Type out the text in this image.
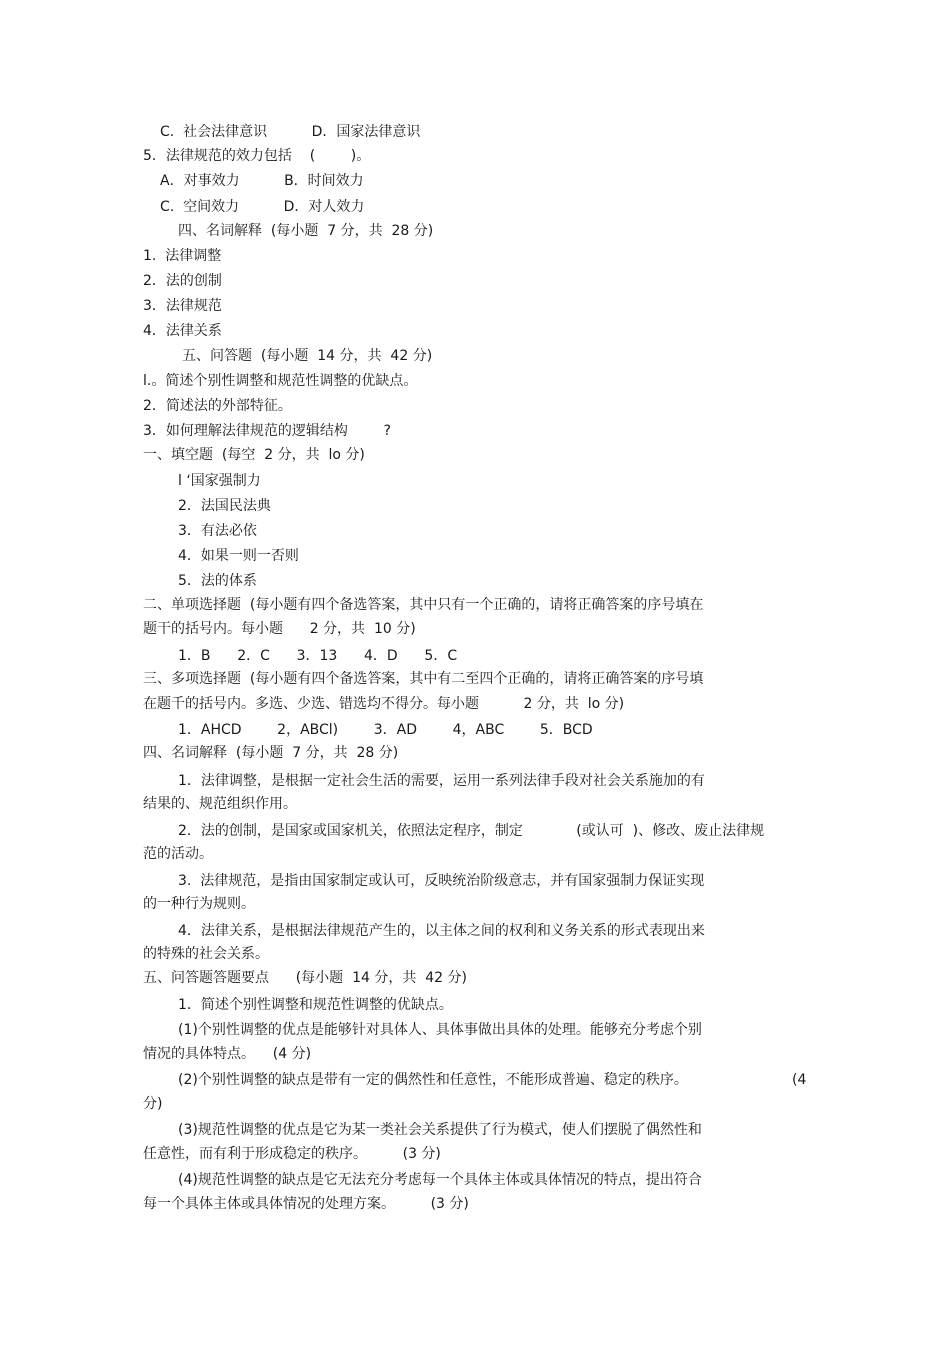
C.  社会法律意识          D．国家法律意识
5．法律规范的效力包括    (        )。
A．对事效力          B．时间效力
C.  空间效力          D．对人效力
四、名词解释  (每小题  7 分，共  28 分)
1.  法律调整
2．法的创制
3．法律规范
4．法律关系
五、问答题  (每小题  14 分，共  42 分)
l.。简述个别性调整和规范性调整的优缺点。
2．简述法的外部特征。
3．如何理解法律规范的逻辑结构        ?
一、填空题  (每空  2 分，共  lo 分)
l ‘国家强制力
2．法国民法典
3．有法必依
4．如果一则一否则
5．法的体系
二、单项选择题  (每小题有四个备选答案，其中只有一个正确的，请将正确答案的序号填在
题干的括号内。每小题      2 分，共  10 分)
1．B      2．C      3．13      4．D      5．C
三、多项选择题  (每小题有四个备选答案，其中有二至四个正确的，请将正确答案的序号填
在题千的括号内。多选、少选、错选均不得分。每小题          2 分，共  lo 分)
1．AHCD        2，ABCl)        3．AD        4，ABC        5．BCD
四、名词解释  (每小题  7 分，共  28 分)
1．法律调整，是根据一定社会生活的需要，运用一系列法律手段对社会关系施加的有
结果的、规范组织作用。
2．法的创制，是国家或国家机关，依照法定程序，制定            (或认可  )、修改、废止法律规
范的活动。
3.  法律规范，是指由国家制定或认可，反映统治阶级意志，并有国家强制力保证实现
的一种行为规则。
4．法律关系，是根据法律规范产生的，以主体之间的权利和义务关系的形式表现出来
的特殊的社会关系。
五、问答题答题要点      (每小题  14 分，共  42 分)
1．简述个别性调整和规范性调整的优缺点。
(1)个别性调整的优点是能够针对具体人、具体事做出具体的处理。能够充分考虑个别
情况的具体特点。    (4 分)
(2)个别性调整的缺点是带有一定的偶然性和任意性，不能形成普遍、稳定的秩序。	(4
分)
(3)规范性调整的优点是它为某一类社会关系提供了行为模式，使人们摆脱了偶然性和
任意性，而有利于形成稳定的秩序。        (3 分)
(4)规范性调整的缺点是它无法充分考虑每一个具体主体或具体情况的特点，提出符合
每一个具体主体或具体情况的处理方案。        (3 分)
